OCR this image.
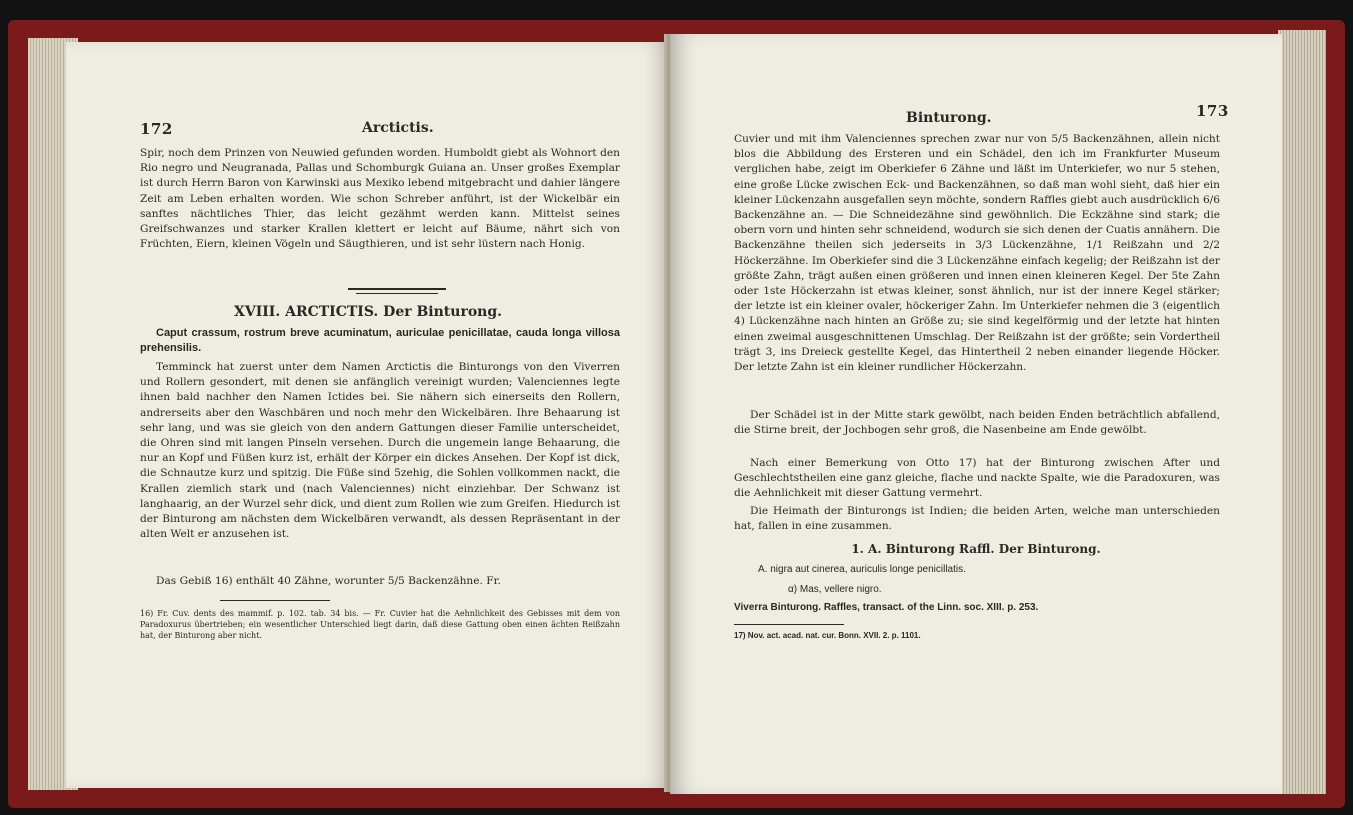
172	Arctictis.

Spir, noch dem Prinzen von Neuwied gefunden worden. Humboldt giebt als Wohnort den Rio negro und Neugranada, Pallas und Schomburgk Guiana an. Unser großes Exemplar ist durch Herrn Baron von Karwinski aus Mexiko lebend mitgebracht und dahier längere Zeit am Leben erhalten worden. Wie schon Schreber anführt, ist der Wickelbär ein sanftes nächtliches Thier, das leicht gezähmt werden kann. Mittelst seines Greifschwanzes und starker Krallen klettert er leicht auf Bäume, nährt sich von Früchten, Eiern, kleinen Vögeln und Säugthieren, und ist sehr lüstern nach Honig.

XVIII. ARCTICTIS. Der Binturong.

Caput crassum, rostrum breve acuminatum, auriculae penicillatae, cauda longa villosa prehensilis.

Temminck hat zuerst unter dem Namen Arctictis die Binturongs von den Viverren und Rollern gesondert, mit denen sie anfänglich vereinigt wurden; Valenciennes legte ihnen bald nachher den Namen Ictides bei. Sie nähern sich einerseits den Rollern, andrerseits aber den Waschbären und noch mehr den Wickelbären. Ihre Behaarung ist sehr lang, und was sie gleich von den andern Gattungen dieser Familie unterscheidet, die Ohren sind mit langen Pinseln versehen. Durch die ungemein lange Behaarung, die nur an Kopf und Füßen kurz ist, erhält der Körper ein dickes Ansehen. Der Kopf ist dick, die Schnautze kurz und spitzig. Die Füße sind 5zehig, die Sohlen vollkommen nackt, die Krallen ziemlich stark und (nach Valenciennes) nicht einziehbar. Der Schwanz ist langhaarig, an der Wurzel sehr dick, und dient zum Rollen wie zum Greifen. Hiedurch ist der Binturong am nächsten dem Wickelbären verwandt, als dessen Repräsentant in der alten Welt er anzusehen ist.

Das Gebiß 16) enthält 40 Zähne, worunter 5/5 Backenzähne. Fr.

16) Fr. Cuv. dents des mammif. p. 102. tab. 34 bis. — Fr. Cuvier hat die Aehnlichkeit des Gebisses mit dem von Paradoxurus übertrieben; ein wesentlicher Unterschied liegt darin, daß diese Gattung oben einen ächten Reißzahn hat, der Binturong aber nicht.
Binturong.	173

Cuvier und mit ihm Valenciennes sprechen zwar nur von 5/5 Backenzähnen, allein nicht blos die Abbildung des Ersteren und ein Schädel, den ich im Frankfurter Museum verglichen habe, zeigt im Oberkiefer 6 Zähne und läßt im Unterkiefer, wo nur 5 stehen, eine große Lücke zwischen Eck- und Backenzähnen, so daß man wohl sieht, daß hier ein kleiner Lückenzahn ausgefallen seyn möchte, sondern Raffles giebt auch ausdrücklich 6/6 Backenzähne an. — Die Schneidezähne sind gewöhnlich. Die Eckzähne sind stark; die obern vorn und hinten sehr schneidend, wodurch sie sich denen der Cuatis annähern. Die Backenzähne theilen sich jederseits in 3/3 Lückenzähne, 1/1 Reißzahn und 2/2 Höckerzähne. Im Oberkiefer sind die 3 Lückenzähne einfach kegelig; der Reißzahn ist der größte Zahn, trägt außen einen größeren und innen einen kleineren Kegel. Der 5te Zahn oder 1ste Höckerzahn ist etwas kleiner, sonst ähnlich, nur ist der innere Kegel stärker; der letzte ist ein kleiner ovaler, höckeriger Zahn. Im Unterkiefer nehmen die 3 (eigentlich 4) Lückenzähne nach hinten an Größe zu; sie sind kegelförmig und der letzte hat hinten einen zweimal ausgeschnittenen Umschlag. Der Reißzahn ist der größte; sein Vordertheil trägt 3, ins Dreieck gestellte Kegel, das Hintertheil 2 neben einander liegende Höcker. Der letzte Zahn ist ein kleiner rundlicher Höckerzahn.

Der Schädel ist in der Mitte stark gewölbt, nach beiden Enden beträchtlich abfallend, die Stirne breit, der Jochbogen sehr groß, die Nasenbeine am Ende gewölbt.

Nach einer Bemerkung von Otto 17) hat der Binturong zwischen After und Geschlechtstheilen eine ganz gleiche, flache und nackte Spalte, wie die Paradoxuren, was die Aehnlichkeit mit dieser Gattung vermehrt.

Die Heimath der Binturongs ist Indien; die beiden Arten, welche man unterschieden hat, fallen in eine zusammen.

1. A. Binturong Raffl. Der Binturong.
A. nigra aut cinerea, auriculis longe penicillatis.
α) Mas, vellere nigro.
Viverra Binturong. Raffles, transact. of the Linn. soc. XIII. p. 253.
17) Nov. act. acad. nat. cur. Bonn. XVII. 2. p. 1101.
